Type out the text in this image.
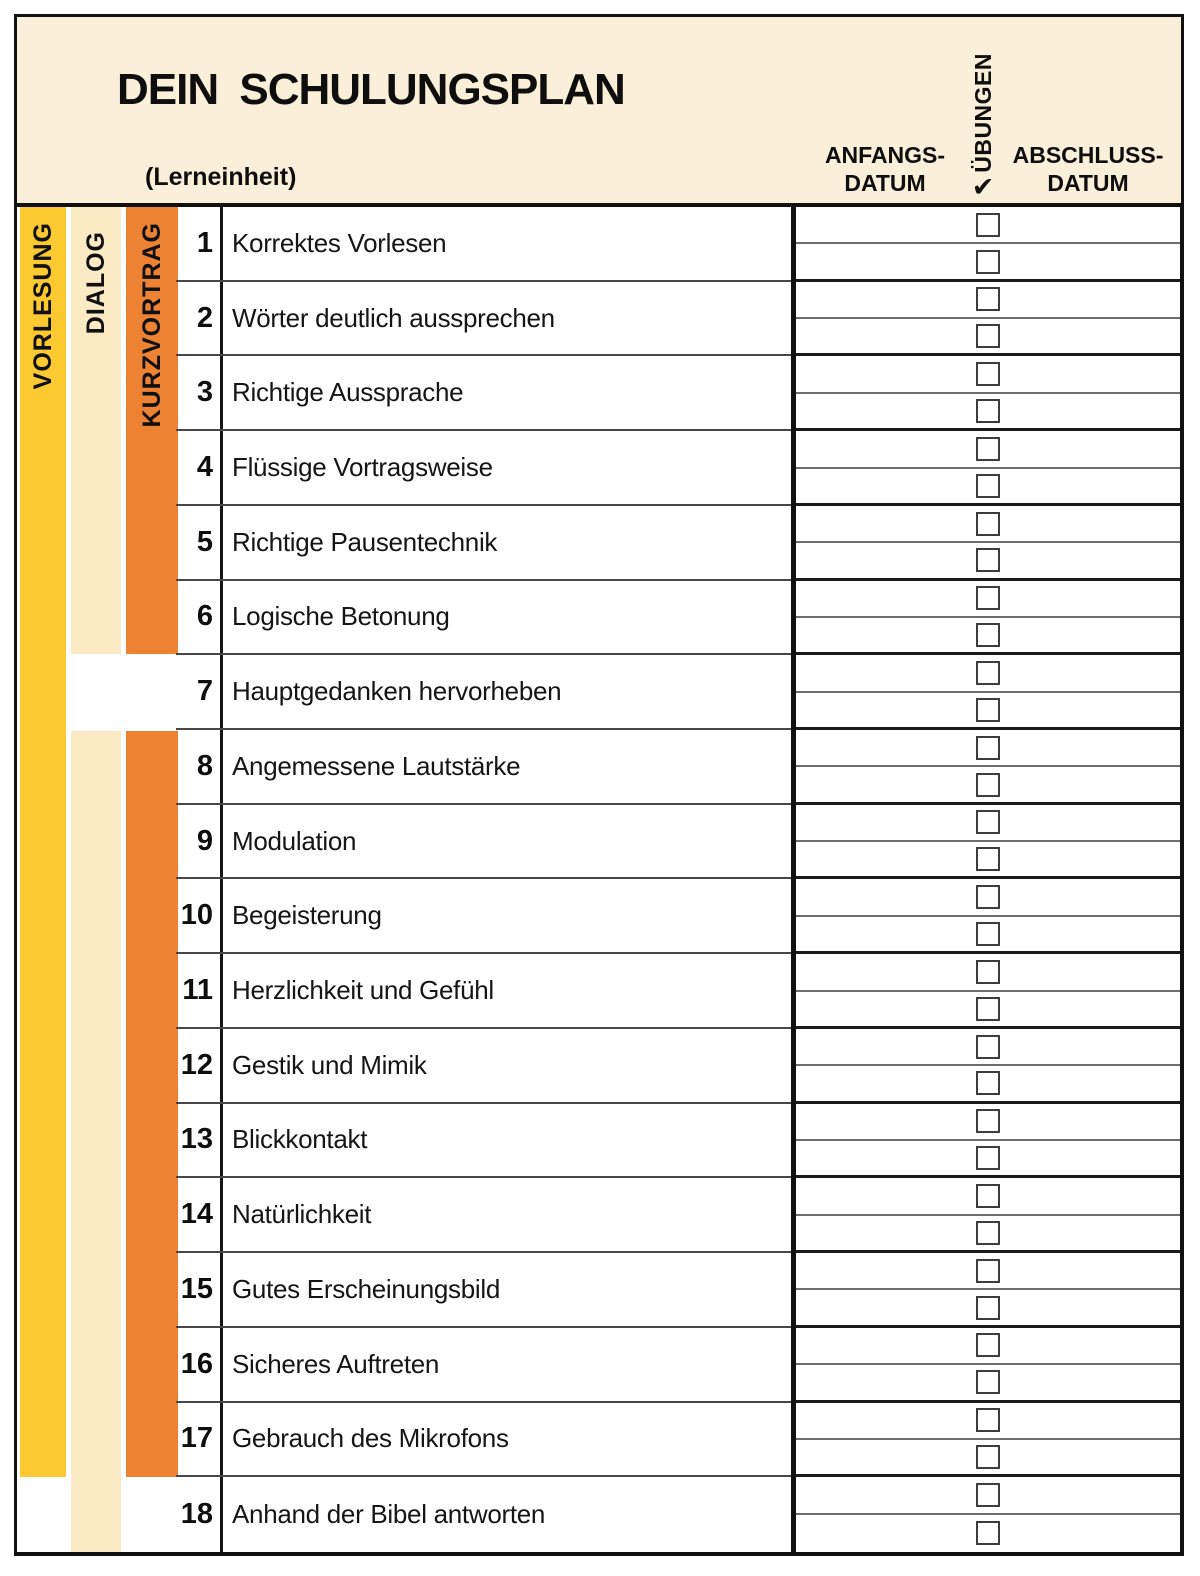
DEIN SCHULUNGSPLAN
(Lerneinheit)
ANFANGS-
DATUM
ÜBUNGEN
✔
ABSCHLUSS-
DATUM
VORLESUNG DIALOG KURZVORTRAG	1 Korrektes Vorlesen
2 Wörter deutlich aussprechen
3 Richtige Aussprache
4 Flüssige Vortragsweise
5 Richtige Pausentechnik
6 Logische Betonung
7 Hauptgedanken hervorheben
8 Angemessene Lautstärke
9 Modulation
10 Begeisterung
11 Herzlichkeit und Gefühl
12 Gestik und Mimik
13 Blickkontakt
14 Natürlichkeit
15 Gutes Erscheinungsbild
16 Sicheres Auftreten
17 Gebrauch des Mikrofons
18 Anhand der Bibel antworten
